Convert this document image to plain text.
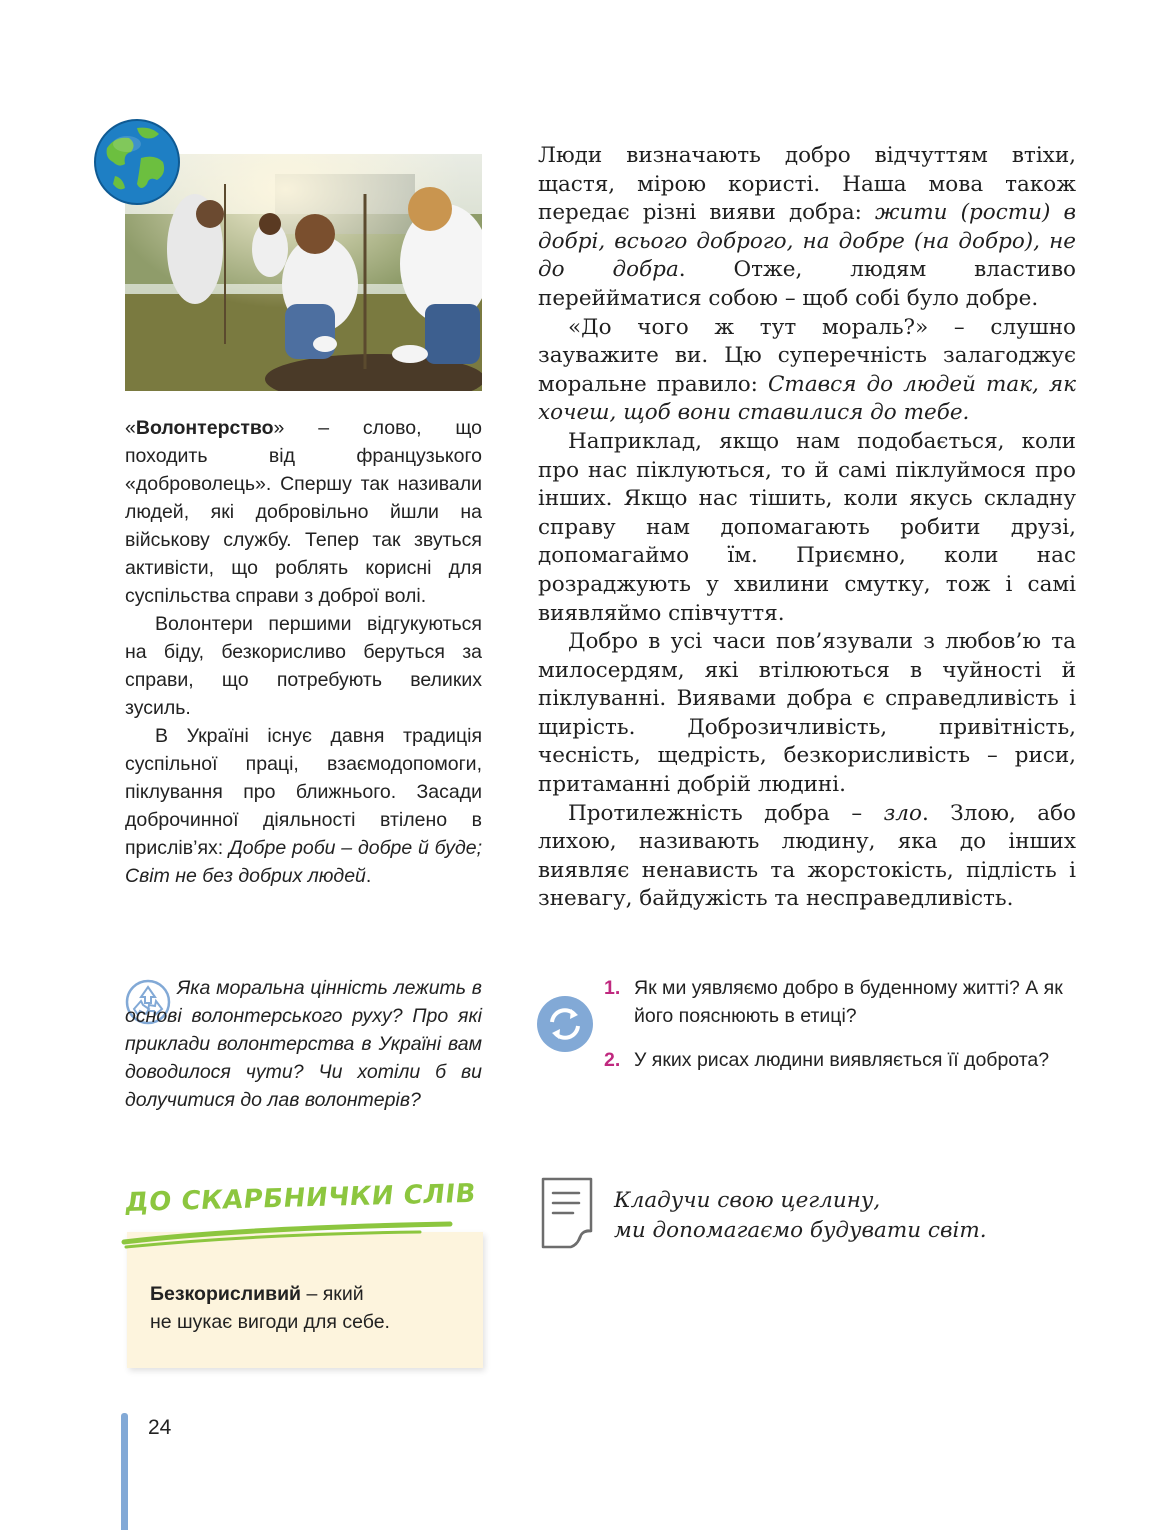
«Волонтерство» – слово, що походить від французького «доброволець». Спершу так називали людей, які добровільно йшли на військову службу. Тепер так звуться активісти, що роблять корисні для суспільства справи з доброї волі.

Волонтери першими відгукуються на біду, безкорисливо беруться за справи, що потребують великих зусиль.

В Україні існує давня традиція суспільної праці, взаємодопомоги, піклування про ближнього. Засади доброчинної діяльності втілено в прислів’ях: Добре роби – добре й буде; Світ не без добрих людей.

Яка моральна цінність лежить в основі волонтерського руху? Про які приклади волонтерства в Україні вам доводилося чути? Чи хотіли б ви долучитися до лав волонтерів?

ДО СКАРБНИЧКИ СЛІВ
Безкорисливий – який
не шукає вигоди для себе.
24

Люди визначають добро відчуттям втіхи, щастя, мірою користі. Наша мова також передає різні вияви добра: жити (рости) в добрі, всього доброго, на добре (на добро), не до добра. Отже, людям властиво переййматися собою – щоб собі було добре.

«До чого ж тут мораль?» – слушно зауважите ви. Цю суперечність залагоджує моральне правило: Стався до людей так, як хочеш, щоб вони ставилися до тебе.

Наприклад, якщо нам подобається, коли про нас піклуються, то й самі піклуймося про інших. Якщо нас тішить, коли якусь складну справу нам допомагають робити друзі, допомагаймо їм. Приємно, коли нас розраджують у хвилини смутку, тож і самі виявляймо співчуття.

Добро в усі часи пов’язували з любов’ю та милосердям, які втілюються в чуйності й піклуванні. Виявами добра є справедливість і щирість. Доброзичливість, привітність, чесність, щедрість, безкорисливість – риси, притаманні добрій людині.

Протилежність добра – зло. Злою, або лихою, називають людину, яка до інших виявляє ненависть та жорстокість, підлість і зневагу, байдужість та несправедливість.

1. Як ми уявляємо добро в буденному житті? А як його пояснюють в етиці?
2. У яких рисах людини виявляється її доброта?
Кладучи свою цеглину,
ми допомагаємо будувати світ.
